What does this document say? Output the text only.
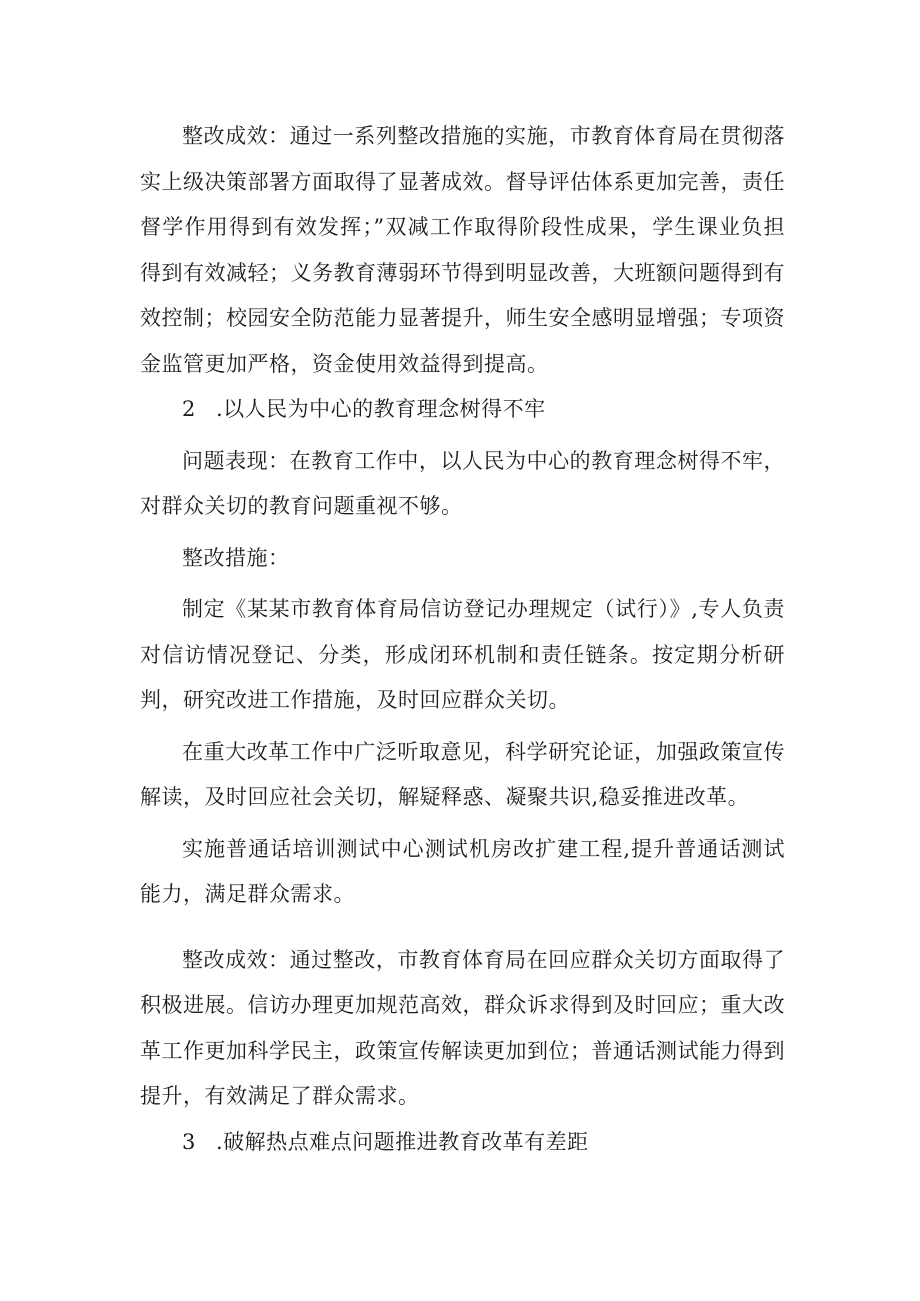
整改成效：通过一系列整改措施的实施，市教育体育局在贯彻落实上级决策部署方面取得了显著成效。督导评估体系更加完善，责任督学作用得到有效发挥；”双减工作取得阶段性成果，学生课业负担得到有效减轻；义务教育薄弱环节得到明显改善，大班额问题得到有效控制；校园安全防范能力显著提升，师生安全感明显增强；专项资金监管更加严格，资金使用效益得到提高。

2 .以人民为中心的教育理念树得不牢

问题表现：在教育工作中，以人民为中心的教育理念树得不牢，对群众关切的教育问题重视不够。

整改措施：

制定《某某市教育体育局信访登记办理规定（试行）》,专人负责对信访情况登记、分类，形成闭环机制和责任链条。按定期分析研判，研究改进工作措施，及时回应群众关切。

在重大改革工作中广泛听取意见，科学研究论证，加强政策宣传解读，及时回应社会关切，解疑释惑、凝聚共识,稳妥推进改革。

实施普通话培训测试中心测试机房改扩建工程,提升普通话测试能力，满足群众需求。

整改成效：通过整改，市教育体育局在回应群众关切方面取得了积极进展。信访办理更加规范高效，群众诉求得到及时回应；重大改革工作更加科学民主，政策宣传解读更加到位；普通话测试能力得到提升，有效满足了群众需求。

3 .破解热点难点问题推进教育改革有差距
